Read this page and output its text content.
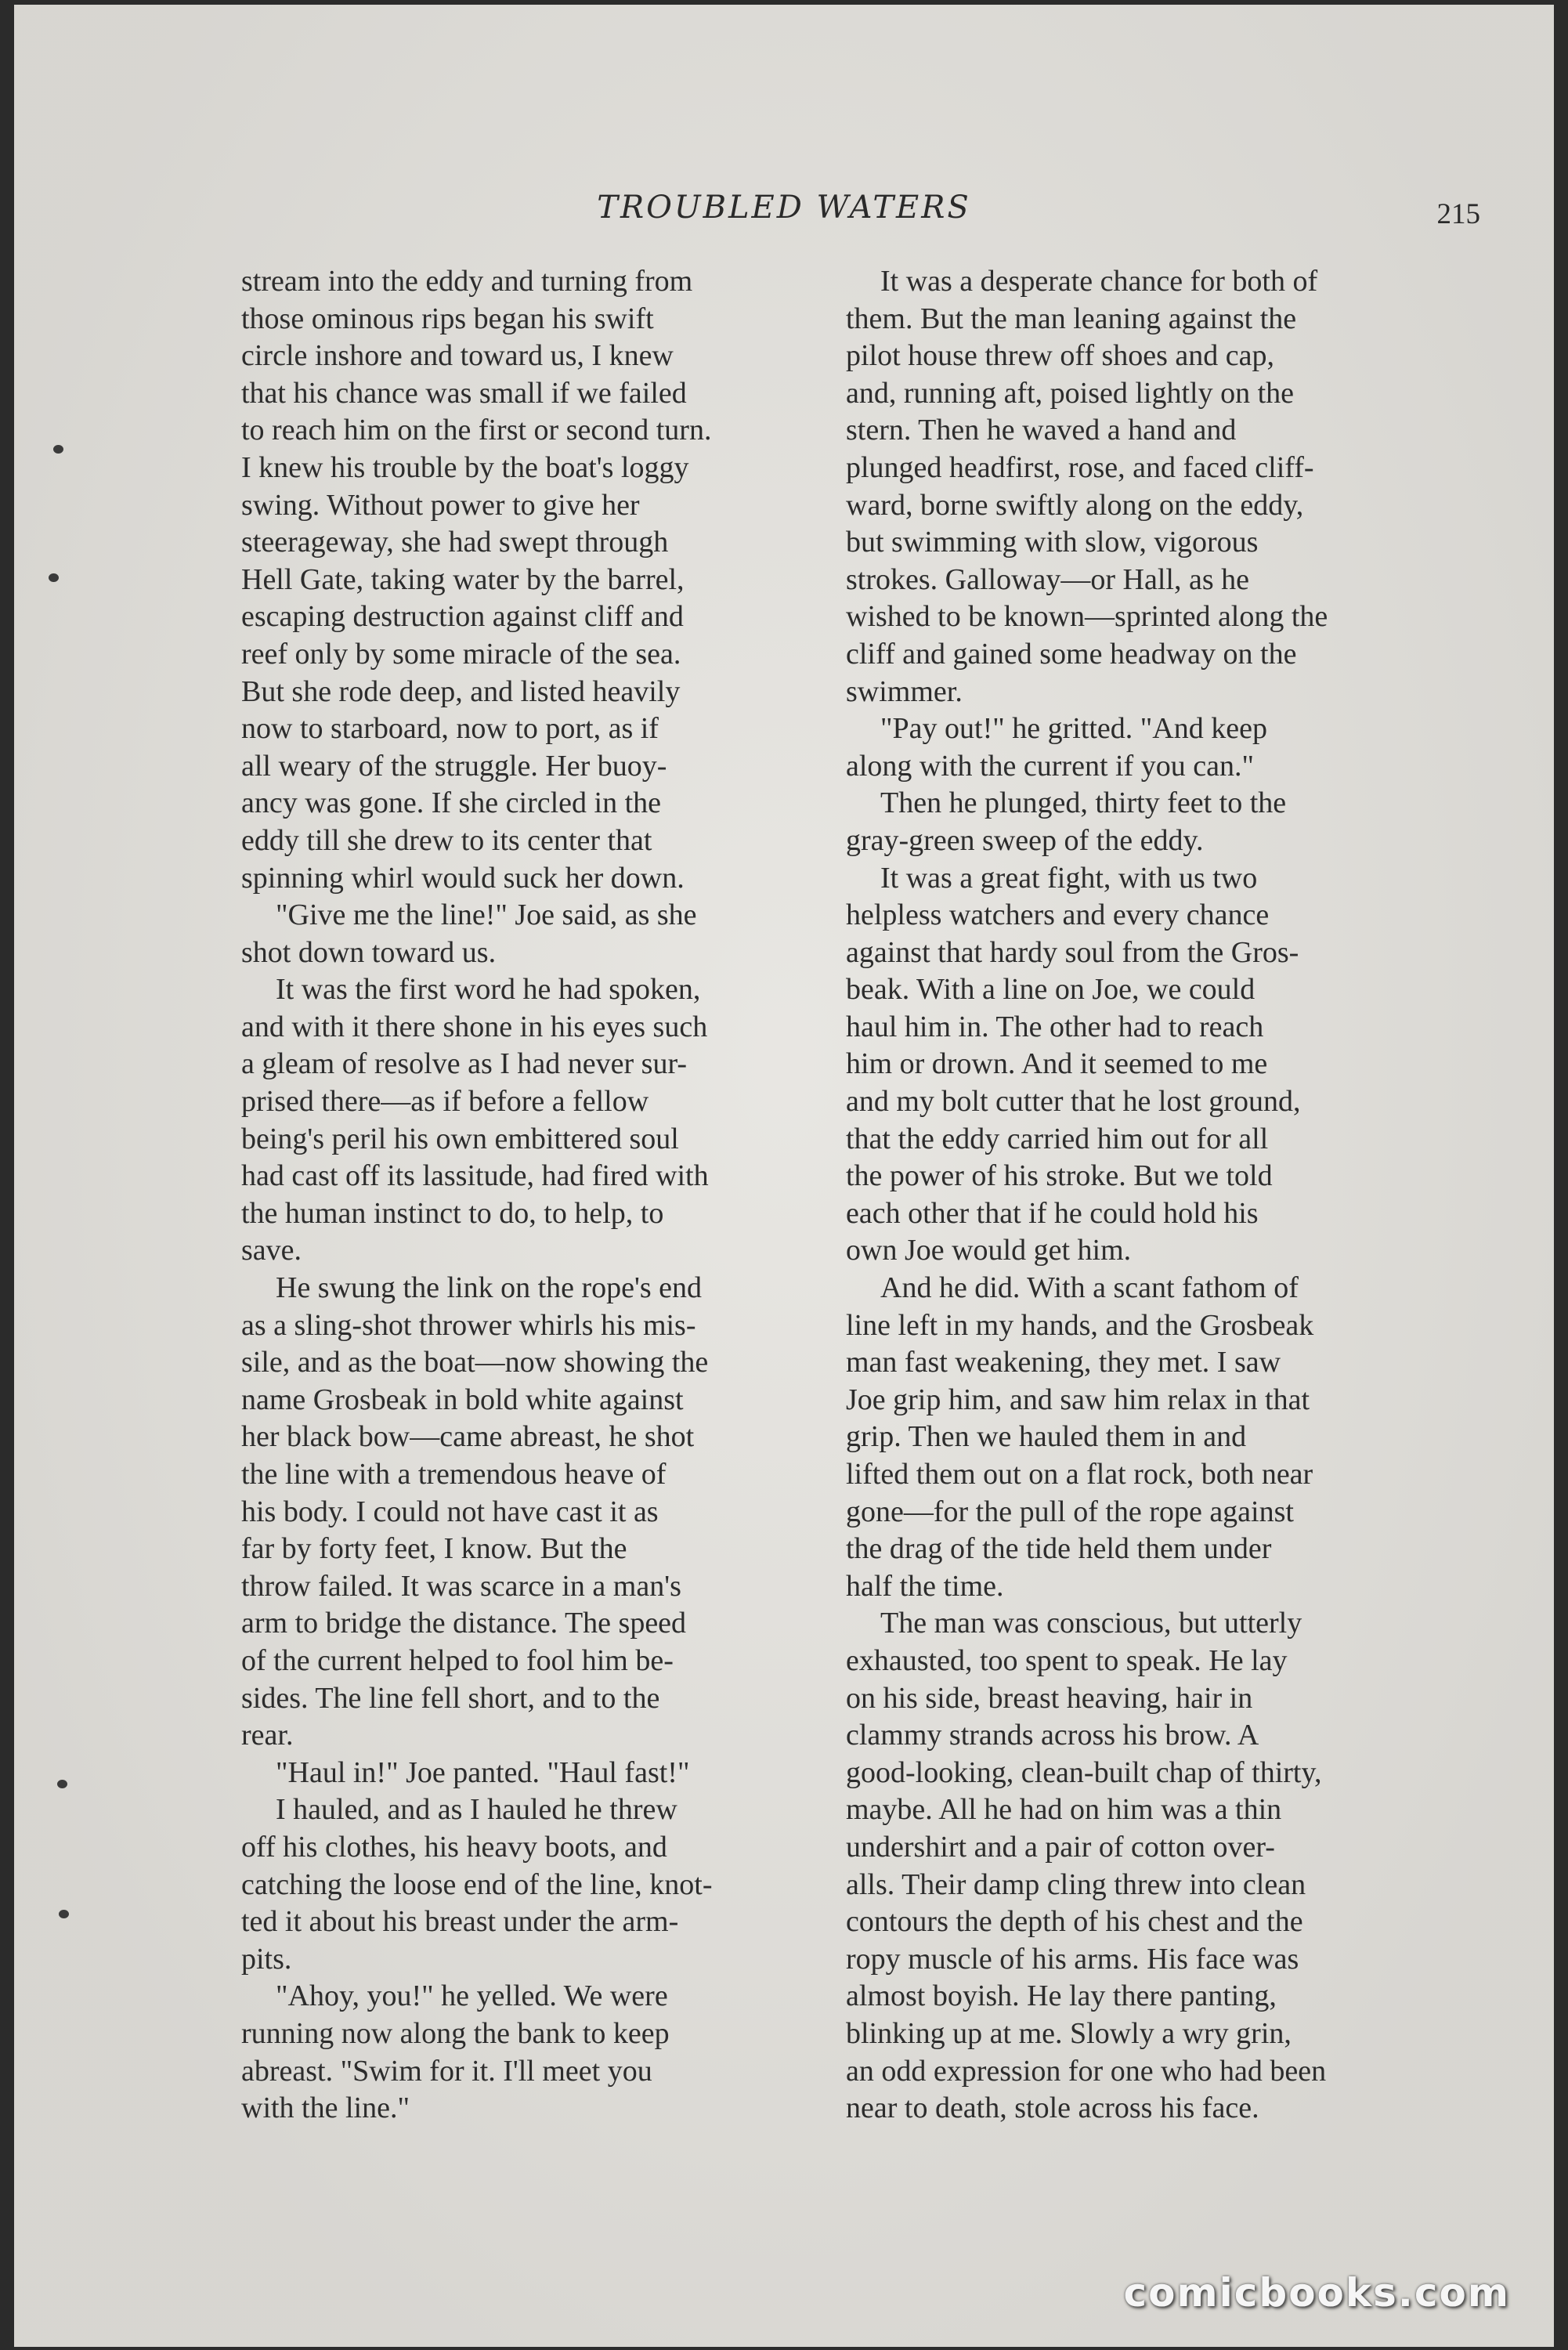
TROUBLED WATERS	215

stream into the eddy and turning from
those ominous rips began his swift
circle inshore and toward us, I knew
that his chance was small if we failed
to reach him on the first or second turn.
I knew his trouble by the boat's loggy
swing. Without power to give her
steerageway, she had swept through
Hell Gate, taking water by the barrel,
escaping destruction against cliff and
reef only by some miracle of the sea.
But she rode deep, and listed heavily
now to starboard, now to port, as if
all weary of the struggle. Her buoy-
ancy was gone. If she circled in the
eddy till she drew to its center that
spinning whirl would suck her down.

"Give me the line!" Joe said, as she
shot down toward us.

It was the first word he had spoken,
and with it there shone in his eyes such
a gleam of resolve as I had never sur-
prised there—as if before a fellow
being's peril his own embittered soul
had cast off its lassitude, had fired with
the human instinct to do, to help, to
save.

He swung the link on the rope's end
as a sling-shot thrower whirls his mis-
sile, and as the boat—now showing the
name Grosbeak in bold white against
her black bow—came abreast, he shot
the line with a tremendous heave of
his body. I could not have cast it as
far by forty feet, I know. But the
throw failed. It was scarce in a man's
arm to bridge the distance. The speed
of the current helped to fool him be-
sides. The line fell short, and to the
rear.

"Haul in!" Joe panted. "Haul fast!"

I hauled, and as I hauled he threw
off his clothes, his heavy boots, and
catching the loose end of the line, knot-
ted it about his breast under the arm-
pits.

"Ahoy, you!" he yelled. We were
running now along the bank to keep
abreast. "Swim for it. I'll meet you
with the line."

It was a desperate chance for both of
them. But the man leaning against the
pilot house threw off shoes and cap,
and, running aft, poised lightly on the
stern. Then he waved a hand and
plunged headfirst, rose, and faced cliff-
ward, borne swiftly along on the eddy,
but swimming with slow, vigorous
strokes. Galloway—or Hall, as he
wished to be known—sprinted along the
cliff and gained some headway on the
swimmer.

"Pay out!" he gritted. "And keep
along with the current if you can."

Then he plunged, thirty feet to the
gray-green sweep of the eddy.

It was a great fight, with us two
helpless watchers and every chance
against that hardy soul from the Gros-
beak. With a line on Joe, we could
haul him in. The other had to reach
him or drown. And it seemed to me
and my bolt cutter that he lost ground,
that the eddy carried him out for all
the power of his stroke. But we told
each other that if he could hold his
own Joe would get him.

And he did. With a scant fathom of
line left in my hands, and the Grosbeak
man fast weakening, they met. I saw
Joe grip him, and saw him relax in that
grip. Then we hauled them in and
lifted them out on a flat rock, both near
gone—for the pull of the rope against
the drag of the tide held them under
half the time.

The man was conscious, but utterly
exhausted, too spent to speak. He lay
on his side, breast heaving, hair in
clammy strands across his brow. A
good-looking, clean-built chap of thirty,
maybe. All he had on him was a thin
undershirt and a pair of cotton over-
alls. Their damp cling threw into clean
contours the depth of his chest and the
ropy muscle of his arms. His face was
almost boyish. He lay there panting,
blinking up at me. Slowly a wry grin,
an odd expression for one who had been
near to death, stole across his face.

comicbooks.com
